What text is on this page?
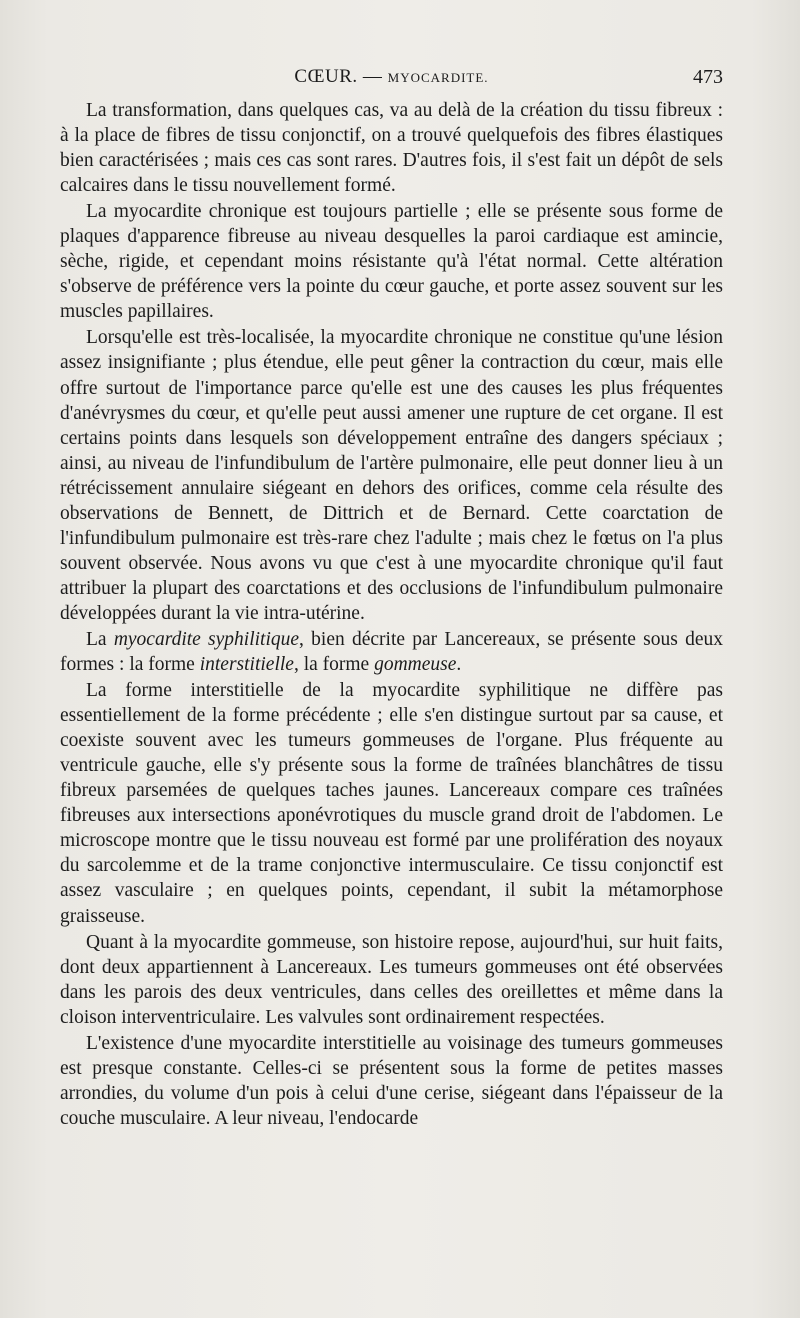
CŒUR. — MYOCARDITE.	473

La transformation, dans quelques cas, va au delà de la création du tissu fibreux : à la place de fibres de tissu conjonctif, on a trouvé quelquefois des fibres élastiques bien caractérisées ; mais ces cas sont rares. D'autres fois, il s'est fait un dépôt de sels calcaires dans le tissu nouvellement formé.

La myocardite chronique est toujours partielle ; elle se présente sous forme de plaques d'apparence fibreuse au niveau desquelles la paroi cardiaque est amincie, sèche, rigide, et cependant moins résistante qu'à l'état normal. Cette altération s'observe de préférence vers la pointe du cœur gauche, et porte assez souvent sur les muscles papillaires.

Lorsqu'elle est très-localisée, la myocardite chronique ne constitue qu'une lésion assez insignifiante ; plus étendue, elle peut gêner la contraction du cœur, mais elle offre surtout de l'importance parce qu'elle est une des causes les plus fréquentes d'anévrysmes du cœur, et qu'elle peut aussi amener une rupture de cet organe. Il est certains points dans lesquels son développement entraîne des dangers spéciaux ; ainsi, au niveau de l'infundibulum de l'artère pulmonaire, elle peut donner lieu à un rétrécissement annulaire siégeant en dehors des orifices, comme cela résulte des observations de Bennett, de Dittrich et de Bernard. Cette coarctation de l'infundibulum pulmonaire est très-rare chez l'adulte ; mais chez le fœtus on l'a plus souvent observée. Nous avons vu que c'est à une myocardite chronique qu'il faut attribuer la plupart des coarctations et des occlusions de l'infundibulum pulmonaire développées durant la vie intra-utérine.

La myocardite syphilitique, bien décrite par Lancereaux, se présente sous deux formes : la forme interstitielle, la forme gommeuse.

La forme interstitielle de la myocardite syphilitique ne diffère pas essentiellement de la forme précédente ; elle s'en distingue surtout par sa cause, et coexiste souvent avec les tumeurs gommeuses de l'organe. Plus fréquente au ventricule gauche, elle s'y présente sous la forme de traînées blanchâtres de tissu fibreux parsemées de quelques taches jaunes. Lancereaux compare ces traînées fibreuses aux intersections aponévrotiques du muscle grand droit de l'abdomen. Le microscope montre que le tissu nouveau est formé par une prolifération des noyaux du sarcolemme et de la trame conjonctive intermusculaire. Ce tissu conjonctif est assez vasculaire ; en quelques points, cependant, il subit la métamorphose graisseuse.

Quant à la myocardite gommeuse, son histoire repose, aujourd'hui, sur huit faits, dont deux appartiennent à Lancereaux. Les tumeurs gommeuses ont été observées dans les parois des deux ventricules, dans celles des oreillettes et même dans la cloison interventriculaire. Les valvules sont ordinairement respectées.

L'existence d'une myocardite interstitielle au voisinage des tumeurs gommeuses est presque constante. Celles-ci se présentent sous la forme de petites masses arrondies, du volume d'un pois à celui d'une cerise, siégeant dans l'épaisseur de la couche musculaire. A leur niveau, l'endocarde
